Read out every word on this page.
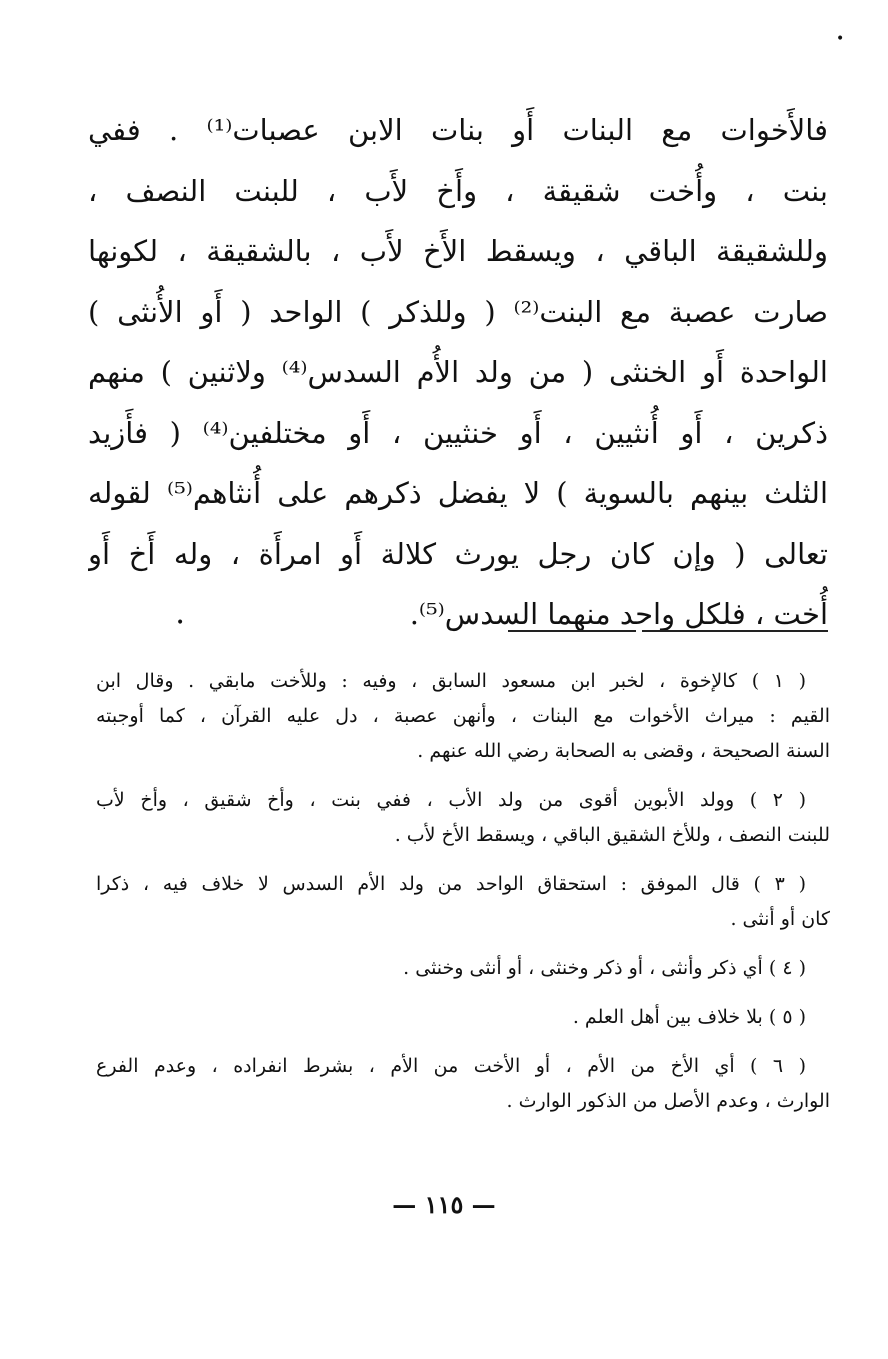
•
فالأَخوات مع البنات أَو بنات الابن عصبات⁽¹⁾ . ففي
بنت ، وأُخت شقيقة ، وأَخ لأَب ، للبنت النصف ،
وللشقيقة الباقي ، ويسقط الأَخ لأَب ، بالشقيقة ، لكونها
صارت عصبة مع البنت⁽²⁾ ( وللذكر ) الواحد ( أَو الأُنثى )
الواحدة أَو الخنثى ( من ولد الأُم السدس⁽⁴⁾ ولاثنين ) منهم
ذكرين ، أَو أُنثيين ، أَو خنثيين ، أَو مختلفين⁽⁴⁾ ( فأَزيد
الثلث بينهم بالسوية ) لا يفضل ذكرهم على أُنثاهم⁽⁵⁾ لقوله
تعالى ( وإن كان رجل يورث كلالة أَو امرأَة ، وله أَخ أَو
أُخت ، فلكل واحد منهما السدس⁽⁵⁾.
•
( ١ ) كالإخوة ، لخبر ابن مسعود السابق ، وفيه : وللأخت مابقي . وقال ابن
القيم : ميراث الأخوات مع البنات ، وأنهن عصبة ، دل عليه القرآن ، كما أوجبته
السنة الصحيحة ، وقضى به الصحابة رضي الله عنهم .
( ٢ ) وولد الأبوين أقوى من ولد الأب ، ففي بنت ، وأخ شقيق ، وأخ لأب
للبنت النصف ، وللأخ الشقيق الباقي ، ويسقط الأخ لأب .
( ٣ ) قال الموفق : استحقاق الواحد من ولد الأم السدس لا خلاف فيه ، ذكرا
كان أو أنثى .
( ٤ ) أي ذكر وأنثى ، أو ذكر وخنثى ، أو أنثى وخنثى .
( ٥ ) بلا خلاف بين أهل العلم .
( ٦ ) أي الأخ من الأم ، أو الأخت من الأم ، بشرط انفراده ، وعدم الفرع
الوارث ، وعدم الأصل من الذكور الوارث .
— ١١٥ —
